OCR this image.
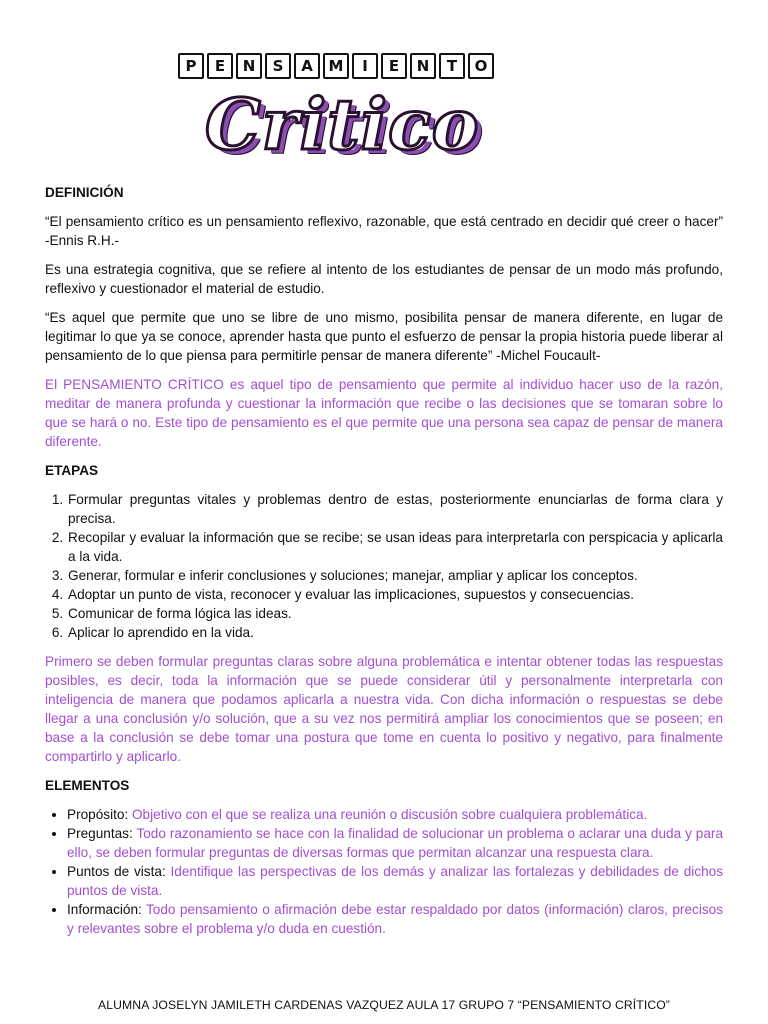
P	E	N	S	A	M	I	E	N	T	O
Critico
DEFINICIÓN

“El pensamiento crítico es un pensamiento reflexivo, razonable, que está centrado en decidir qué creer o hacer” -Ennis R.H.-

Es una estrategia cognitiva, que se refiere al intento de los estudiantes de pensar de un modo más profundo, reflexivo y cuestionador el material de estudio.

“Es aquel que permite que uno se libre de uno mismo, posibilita pensar de manera diferente, en lugar de legitimar lo que ya se conoce, aprender hasta que punto el esfuerzo de pensar la propia historia puede liberar al pensamiento de lo que piensa para permitirle pensar de manera diferente” -Michel Foucault-

El PENSAMIENTO CRÍTICO es aquel tipo de pensamiento que permite al individuo hacer uso de la razón, meditar de manera profunda y cuestionar la información que recibe o las decisiones que se tomaran sobre lo que se hará o no. Este tipo de pensamiento es el que permite que una persona sea capaz de pensar de manera diferente.

ETAPAS
1. Formular preguntas vitales y problemas dentro de estas, posteriormente enunciarlas de forma clara y precisa.
2. Recopilar y evaluar la información que se recibe; se usan ideas para interpretarla con perspicacia y aplicarla a la vida.
3. Generar, formular e inferir conclusiones y soluciones; manejar, ampliar y aplicar los conceptos.
4. Adoptar un punto de vista, reconocer y evaluar las implicaciones, supuestos y consecuencias.
5. Comunicar de forma lógica las ideas.
6. Aplicar lo aprendido en la vida.

Primero se deben formular preguntas claras sobre alguna problemática e intentar obtener todas las respuestas posibles, es decir, toda la información que se puede considerar útil y personalmente interpretarla con inteligencia de manera que podamos aplicarla a nuestra vida. Con dicha información o respuestas se debe llegar a una conclusión y/o solución, que a su vez nos permitirá ampliar los conocimientos que se poseen; en base a la conclusión se debe tomar una postura que tome en cuenta lo positivo y negativo, para finalmente compartirlo y aplicarlo.

ELEMENTOS
• Propósito: Objetivo con el que se realiza una reunión o discusión sobre cualquiera problemática.
• Preguntas: Todo razonamiento se hace con la finalidad de solucionar un problema o aclarar una duda y para ello, se deben formular preguntas de diversas formas que permitan alcanzar una respuesta clara.
• Puntos de vista: Identifique las perspectivas de los demás y analizar las fortalezas y debilidades de dichos puntos de vista.
• Información: Todo pensamiento o afirmación debe estar respaldado por datos (información) claros, precisos y relevantes sobre el problema y/o duda en cuestión.
ALUMNA JOSELYN JAMILETH CARDENAS VAZQUEZ AULA 17 GRUPO 7 “PENSAMIENTO CRÍTICO”
